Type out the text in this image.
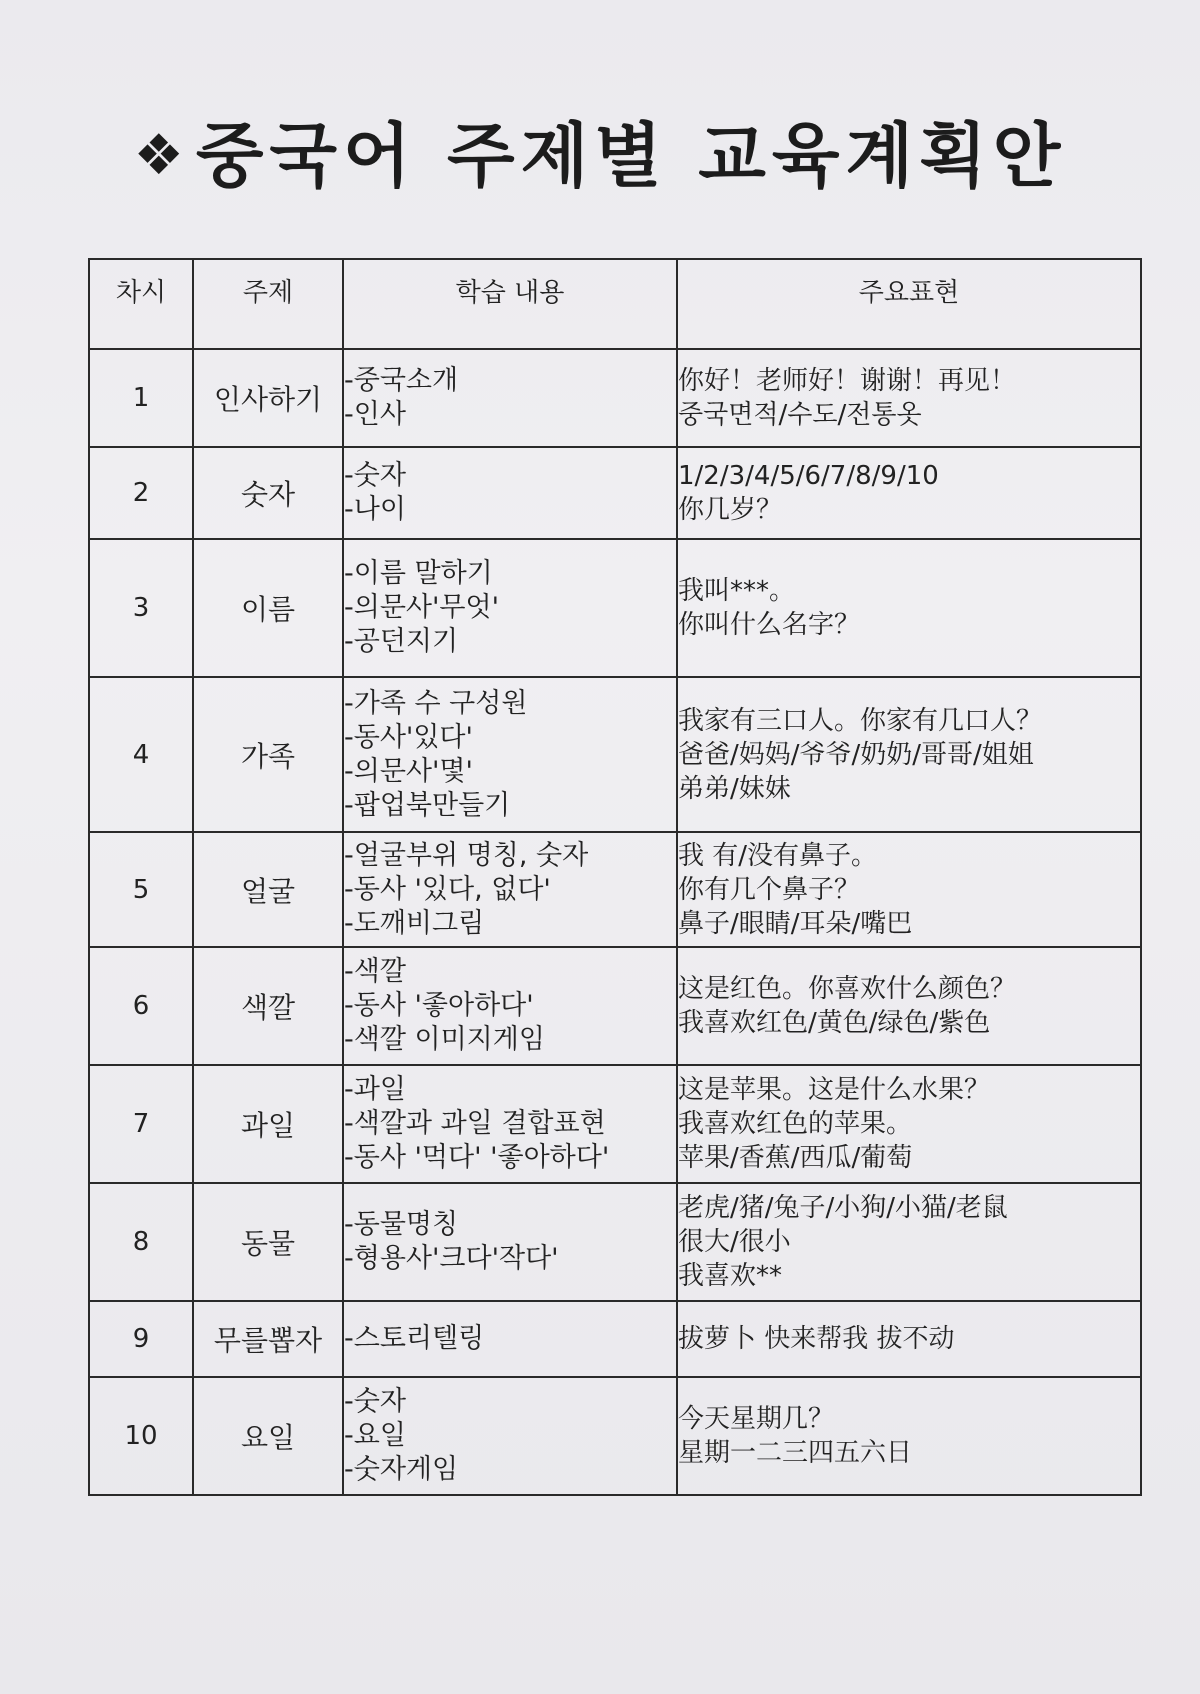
❖중국어 주제별 교육계획안
차시	주제	학습 내용	주요표현
1	인사하기	-중국소개
-인사	你好！老师好！谢谢！再见！
중국면적/수도/전통옷

2	숫자	-숫자
-나이	1/2/3/4/5/6/7/8/9/10
你几岁？

3	이름	-이름 말하기
-의문사'무엇'
-공던지기	我叫***。
你叫什么名字？

4	가족	-가족 수 구성원
-동사'있다'
-의문사'몇'
-팝업북만들기	我家有三口人。你家有几口人？
爸爸/妈妈/爷爷/奶奶/哥哥/姐姐
弟弟/妹妹

5	얼굴	-얼굴부위 명칭, 숫자
-동사 '있다, 없다'
-도깨비그림	我 有/没有鼻子。
你有几个鼻子？
鼻子/眼睛/耳朵/嘴巴

6	색깔	-색깔
-동사 '좋아하다'
-색깔 이미지게임	这是红色。你喜欢什么颜色？
我喜欢红色/黄色/绿色/紫色

7	과일	-과일
-색깔과 과일 결합표현
-동사 '먹다' '좋아하다'	这是苹果。这是什么水果？
我喜欢红色的苹果。
苹果/香蕉/西瓜/葡萄

8	동물	-동물명칭
-형용사'크다'작다'	老虎/猪/兔子/小狗/小猫/老鼠
很大/很小
我喜欢**

9	무를뽑자	-스토리텔링	拔萝卜 快来帮我 拔不动

10	요일	-숫자
-요일
-숫자게임	今天星期几？
星期一二三四五六日
